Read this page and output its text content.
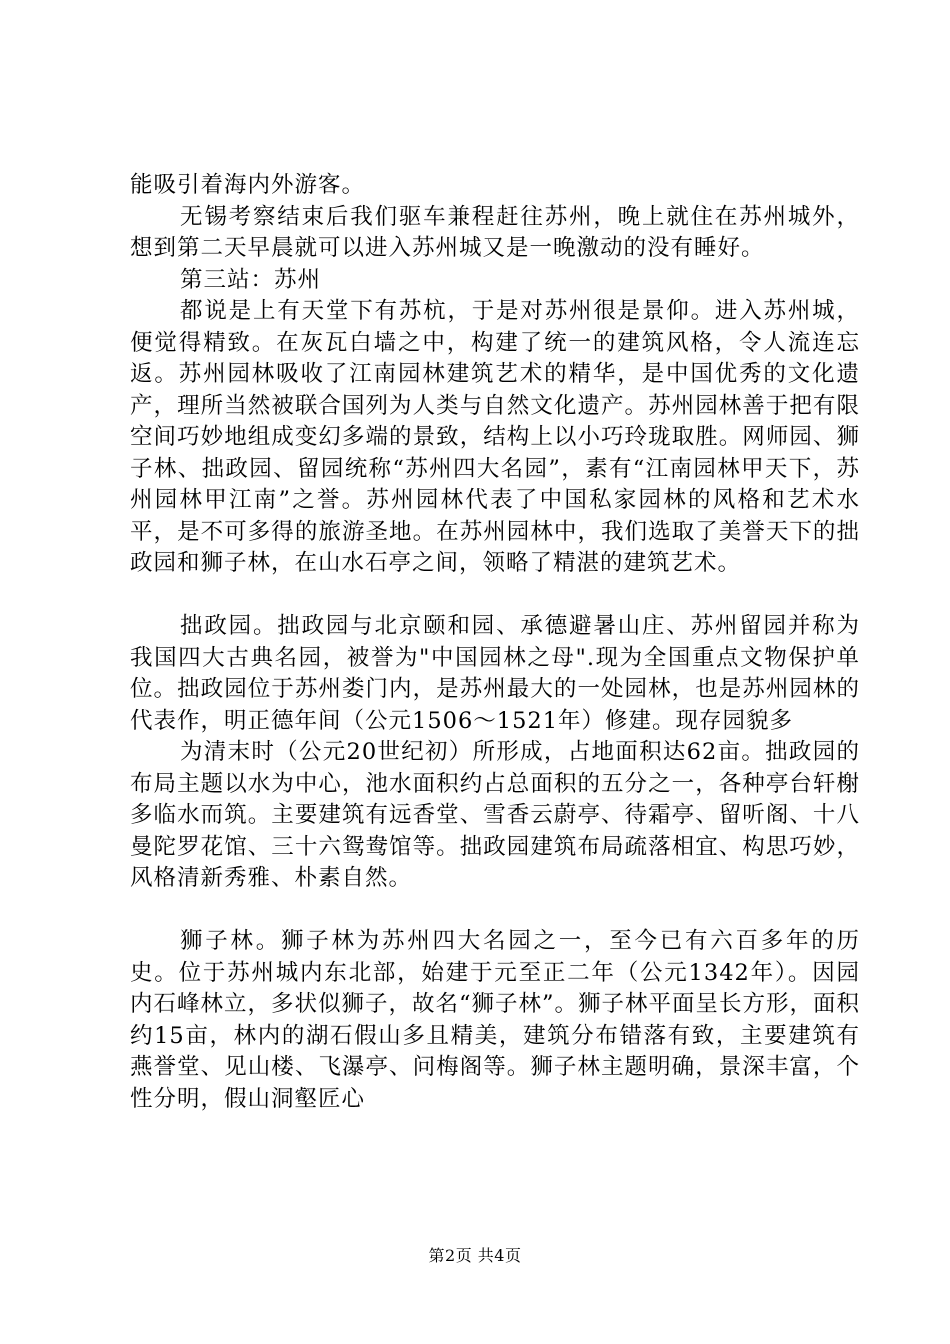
能吸引着海内外游客。

无锡考察结束后我们驱车兼程赶往苏州，晚上就住在苏州城外，想到第二天早晨就可以进入苏州城又是一晚激动的没有睡好。

第三站：苏州

都说是上有天堂下有苏杭，于是对苏州很是景仰。进入苏州城，便觉得精致。在灰瓦白墙之中，构建了统一的建筑风格，令人流连忘返。苏州园林吸收了江南园林建筑艺术的精华，是中国优秀的文化遗产，理所当然被联合国列为人类与自然文化遗产。苏州园林善于把有限空间巧妙地组成变幻多端的景致，结构上以小巧玲珑取胜。网师园、狮子林、拙政园、留园统称“苏州四大名园”，素有“江南园林甲天下，苏州园林甲江南”之誉。苏州园林代表了中国私家园林的风格和艺术水平，是不可多得的旅游圣地。在苏州园林中，我们选取了美誉天下的拙政园和狮子林，在山水石亭之间，领略了精湛的建筑艺术。

拙政园。拙政园与北京颐和园、承德避暑山庄、苏州留园并称为我国四大古典名园，被誉为"中国园林之母".现为全国重点文物保护单位。拙政园位于苏州娄门内，是苏州最大的一处园林，也是苏州园林的代表作，明正德年间（公元1506～1521年）修建。现存园貌多

为清末时（公元20世纪初）所形成，占地面积达62亩。拙政园的布局主题以水为中心，池水面积约占总面积的五分之一，各种亭台轩榭多临水而筑。主要建筑有远香堂、雪香云蔚亭、待霜亭、留听阁、十八曼陀罗花馆、三十六鸳鸯馆等。拙政园建筑布局疏落相宜、构思巧妙，风格清新秀雅、朴素自然。

狮子林。狮子林为苏州四大名园之一，至今已有六百多年的历史。位于苏州城内东北部，始建于元至正二年（公元1342年）。因园内石峰林立，多状似狮子，故名“狮子林”。狮子林平面呈长方形，面积约15亩，林内的湖石假山多且精美，建筑分布错落有致，主要建筑有燕誉堂、见山楼、飞瀑亭、问梅阁等。狮子林主题明确，景深丰富，个性分明，假山洞壑匠心

第2页 共4页
